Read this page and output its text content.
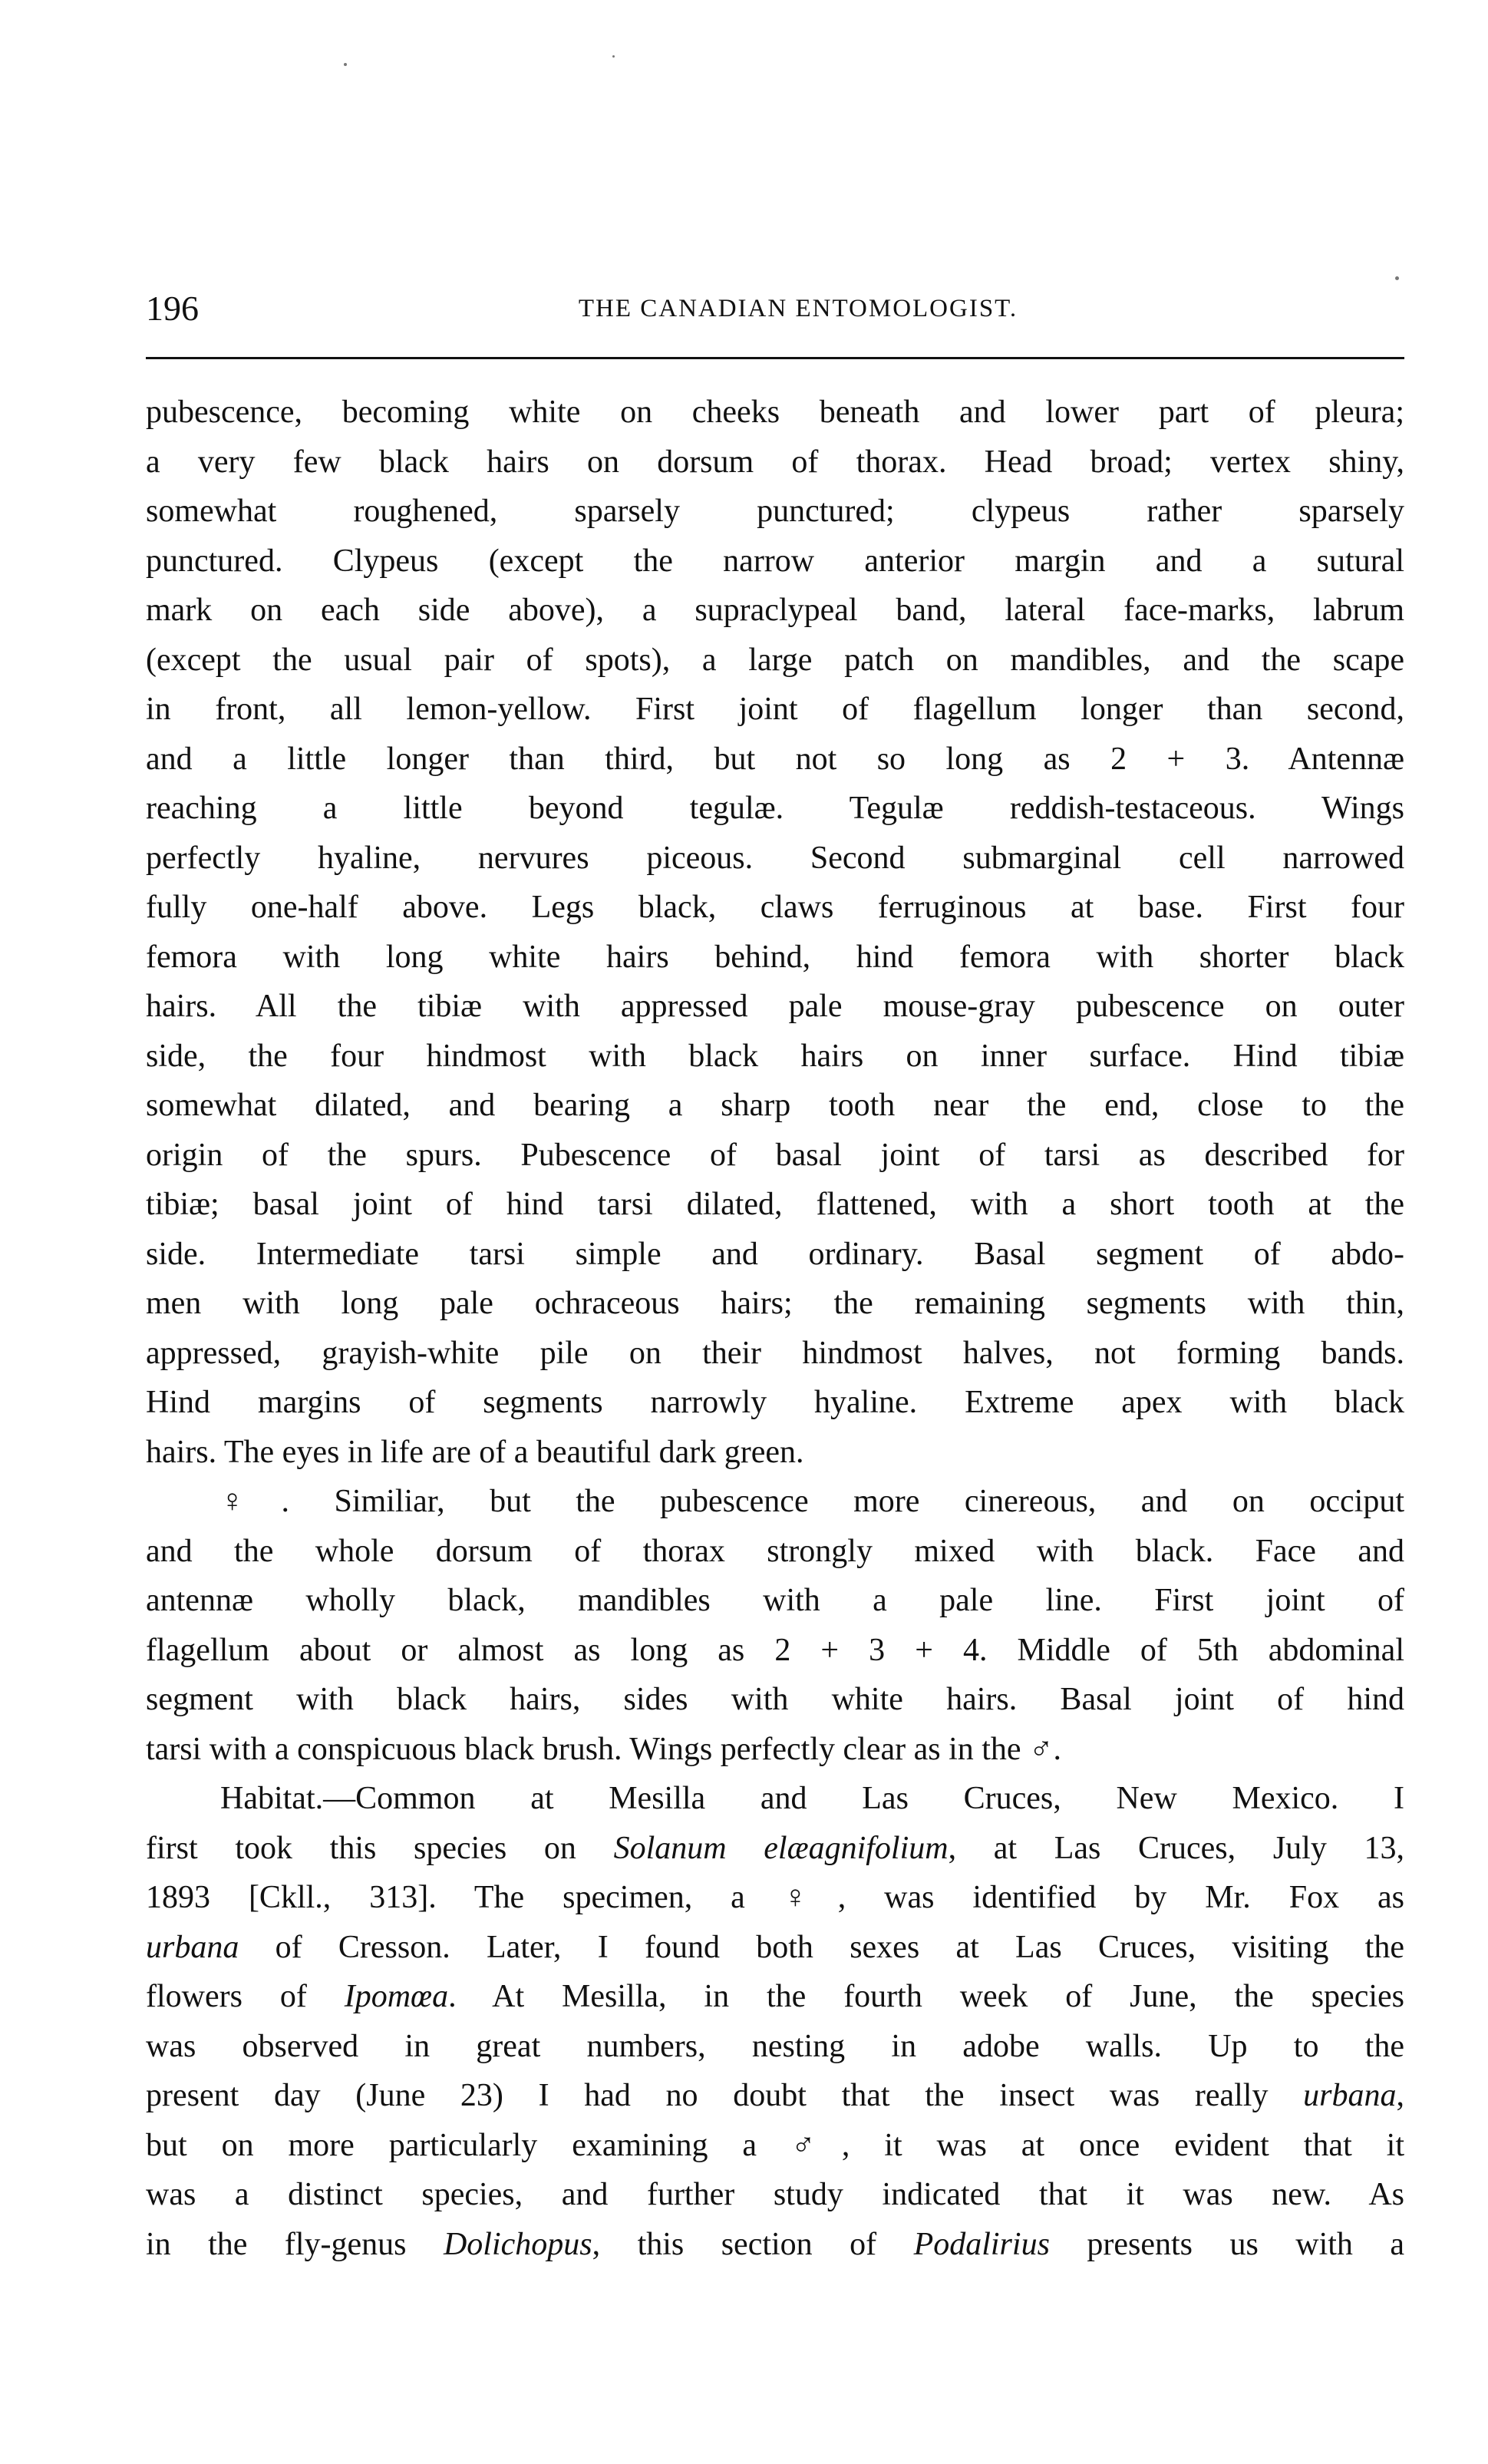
196	THE CANADIAN ENTOMOLOGIST.

pubescence, becoming white on cheeks beneath and lower part of pleura;
a very few black hairs on dorsum of thorax. Head broad; vertex shiny,
somewhat roughened, sparsely punctured; clypeus rather sparsely
punctured. Clypeus (except the narrow anterior margin and a sutural
mark on each side above), a supraclypeal band, lateral face-marks, labrum
(except the usual pair of spots), a large patch on mandibles, and the scape
in front, all lemon-yellow. First joint of flagellum longer than second,
and a little longer than third, but not so long as 2 + 3. Antennæ
reaching a little beyond tegulæ. Tegulæ reddish-testaceous. Wings
perfectly hyaline, nervures piceous. Second submarginal cell narrowed
fully one-half above. Legs black, claws ferruginous at base. First four
femora with long white hairs behind, hind femora with shorter black
hairs. All the tibiæ with appressed pale mouse-gray pubescence on outer
side, the four hindmost with black hairs on inner surface. Hind tibiæ
somewhat dilated, and bearing a sharp tooth near the end, close to the
origin of the spurs. Pubescence of basal joint of tarsi as described for
tibiæ; basal joint of hind tarsi dilated, flattened, with a short tooth at the
side. Intermediate tarsi simple and ordinary. Basal segment of abdo-
men with long pale ochraceous hairs; the remaining segments with thin,
appressed, grayish-white pile on their hindmost halves, not forming bands.
Hind margins of segments narrowly hyaline. Extreme apex with black
hairs. The eyes in life are of a beautiful dark green.

♀. Similiar, but the pubescence more cinereous, and on occiput
and the whole dorsum of thorax strongly mixed with black. Face and
antennæ wholly black, mandibles with a pale line. First joint of
flagellum about or almost as long as 2 + 3 + 4. Middle of 5th abdominal
segment with black hairs, sides with white hairs. Basal joint of hind
tarsi with a conspicuous black brush. Wings perfectly clear as in the ♂.

Habitat.—Common at Mesilla and Las Cruces, New Mexico. I
first took this species on Solanum elæagnifolium, at Las Cruces, July 13,
1893 [Ckll., 313]. The specimen, a ♀, was identified by Mr. Fox as
urbana of Cresson. Later, I found both sexes at Las Cruces, visiting the
flowers of Ipomœa. At Mesilla, in the fourth week of June, the species
was observed in great numbers, nesting in adobe walls. Up to the
present day (June 23) I had no doubt that the insect was really urbana,
but on more particularly examining a ♂, it was at once evident that it
was a distinct species, and further study indicated that it was new. As
in the fly-genus Dolichopus, this section of Podalirius presents us with a
